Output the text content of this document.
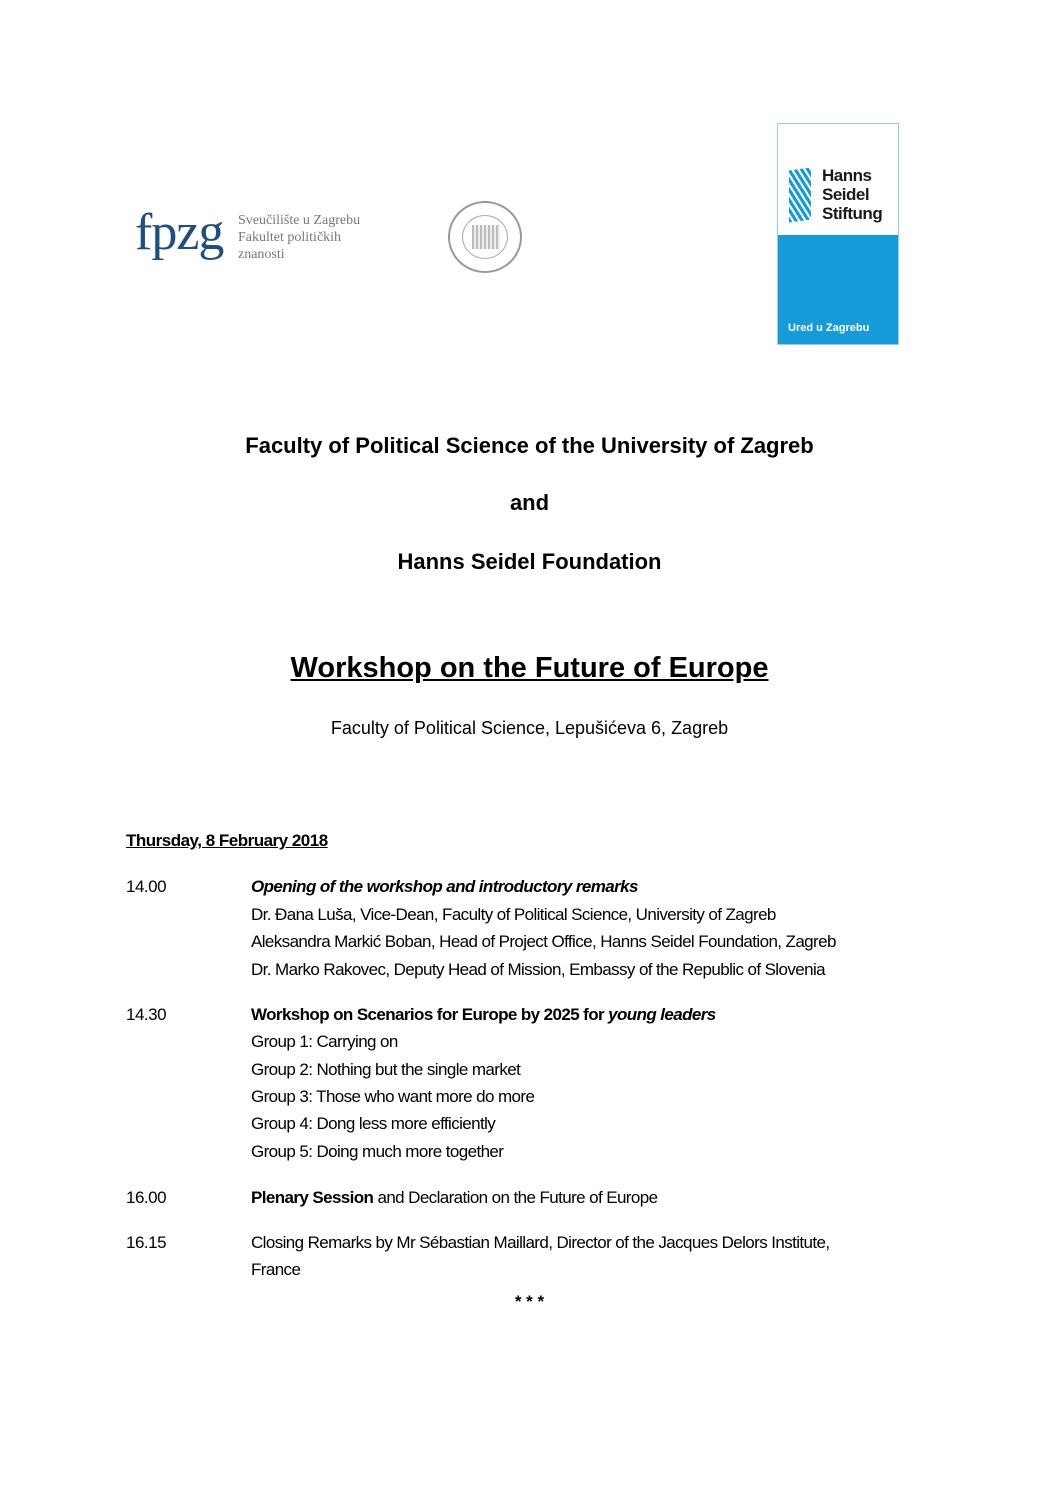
fpzg Sveučilište u Zagrebu
Fakultet političkih
znanosti
Hanns
Seidel
Stiftung
Ured u Zagrebu
Faculty of Political Science of the University of Zagreb
and
Hanns Seidel Foundation
Workshop on the Future of Europe
Faculty of Political Science, Lepušićeva 6, Zagreb
Thursday, 8 February 2018
14.00	Opening of the workshop and introductory remarks
Dr. Đana Luša, Vice-Dean, Faculty of Political Science, University of Zagreb
Aleksandra Markić Boban, Head of Project Office, Hanns Seidel Foundation, Zagreb
Dr. Marko Rakovec, Deputy Head of Mission, Embassy of the Republic of Slovenia
14.30	Workshop on Scenarios for Europe by 2025 for young leaders
Group 1: Carrying on
Group 2: Nothing but the single market
Group 3: Those who want more do more
Group 4: Dong less more efficiently
Group 5: Doing much more together
16.00	Plenary Session and Declaration on the Future of Europe
16.15	Closing Remarks by Mr Sébastian Maillard, Director of the Jacques Delors Institute,
France
* * *
